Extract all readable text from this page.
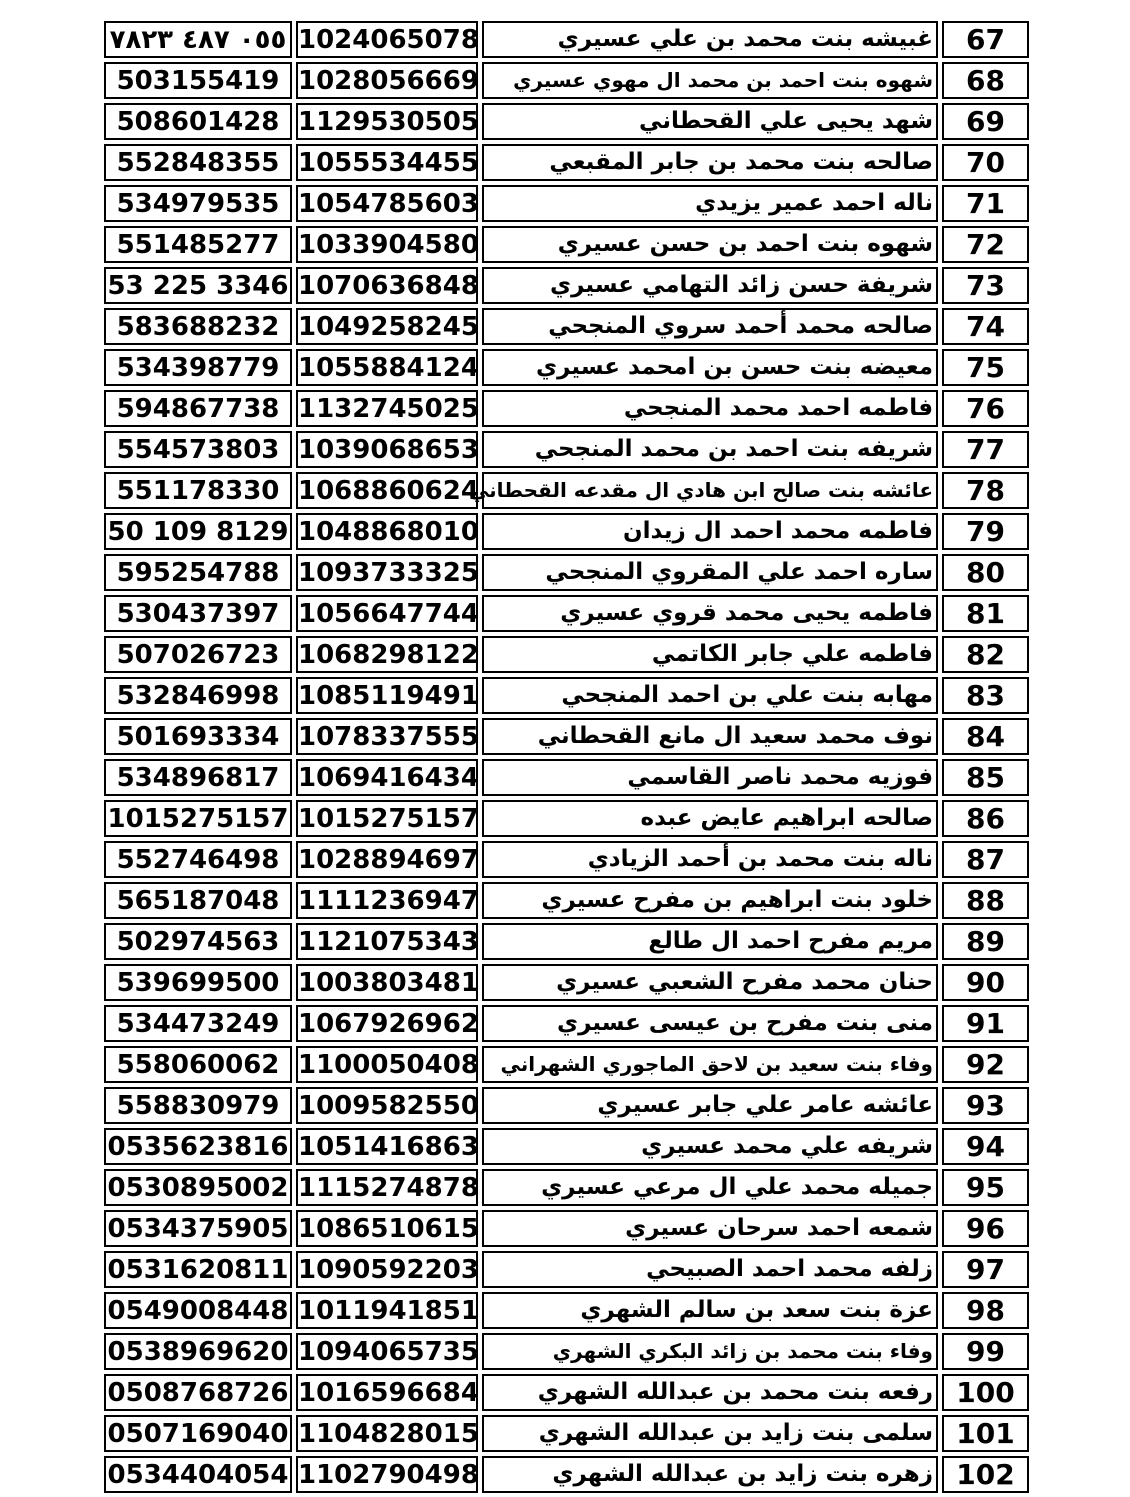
٠٥٥ ٤٨٧ ٧٨٢٣	1024065078	غبيشه بنت محمد بن علي عسيري	67
503155419	1028056669	شهوه بنت احمد بن محمد ال مهوي عسيري	68
508601428	1129530505	شهد يحيى علي القحطاني	69
552848355	1055534455	صالحه بنت محمد بن جابر المقبعي	70
534979535	1054785603	ناله احمد عمير يزيدي	71
551485277	1033904580	شهوه بنت احمد بن حسن عسيري	72
53 225 3346	1070636848	شريفة حسن زائد التهامي عسيري	73
583688232	1049258245	صالحه محمد أحمد سروي المنجحي	74
534398779	1055884124	معيضه بنت حسن بن امحمد عسيري	75
594867738	1132745025	فاطمه احمد محمد المنجحي	76
554573803	1039068653	شريفه بنت احمد بن محمد المنجحي	77
551178330	1068860624	عائشه بنت صالح ابن هادي ال مقدعه القحطاني	78
50 109 8129	1048868010	فاطمه محمد احمد ال زيدان	79
595254788	1093733325	ساره احمد علي المقروي المنجحي	80
530437397	1056647744	فاطمه يحيى محمد قروي عسيري	81
507026723	1068298122	فاطمه علي جابر الكاتمي	82
532846998	1085119491	مهابه بنت علي بن احمد المنجحي	83
501693334	1078337555	نوف محمد سعيد ال مانع القحطاني	84
534896817	1069416434	فوزيه محمد ناصر القاسمي	85
1015275157	1015275157	صالحه ابراهيم عايض عبده	86
552746498	1028894697	ناله بنت محمد بن أحمد الزيادي	87
565187048	1111236947	خلود بنت ابراهيم بن مفرح عسيري	88
502974563	1121075343	مريم مفرح احمد ال طالع	89
539699500	1003803481	حنان محمد مفرح الشعبي عسيري	90
534473249	1067926962	منى بنت مفرح بن عيسى عسيري	91
558060062	1100050408	وفاء بنت سعيد بن لاحق الماجوري الشهراني	92
558830979	1009582550	عائشه عامر علي جابر عسيري	93
0535623816	1051416863	شريفه علي محمد عسيري	94
0530895002	1115274878	جميله محمد علي ال مرعي عسيري	95
0534375905	1086510615	شمعه احمد سرحان عسيري	96
0531620811	1090592203	زلفه محمد احمد الصبيحي	97
0549008448	1011941851	عزة بنت سعد بن سالم الشهري	98
0538969620	1094065735	وفاء بنت محمد بن زائد البكري الشهري	99
0508768726	1016596684	رفعه بنت محمد بن عبدالله الشهري	100
0507169040	1104828015	سلمى بنت زايد بن عبدالله الشهري	101
0534404054	1102790498	زهره بنت زايد بن عبدالله الشهري	102
